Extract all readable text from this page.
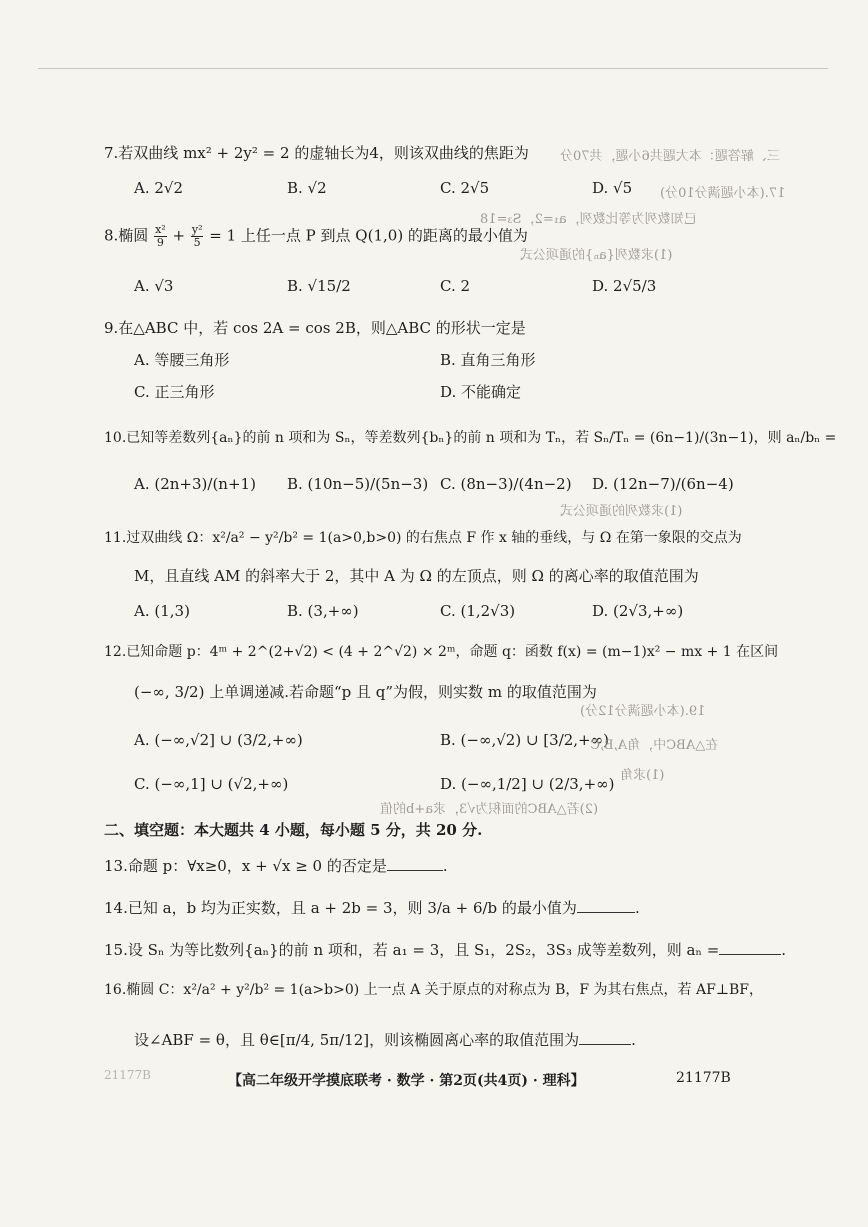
7.若双曲线 mx² + 2y² = 2 的虚轴长为4，则该双曲线的焦距为 三、解答题：本大题共6小题，共70分
A. 2√2	B. √2	C. 2√5	D. √5 17.(本小题满分10分)
8.椭圆 $\frac{\text{x²}}{9} + \frac{\text{y²}}{5} = 1$ 上任一点 P 到点 Q(1,0) 的距离的最小值为
已知数列为等比数列，a₁=2，S₃=18
(1)求数列{aₙ}的通项公式
A. √3	B. √15/2	C. 2	D. 2√5/3
9.在△ABC 中，若 cos 2A = cos 2B，则△ABC 的形状一定是
A. 等腰三角形	B. 直角三角形
C. 正三角形	D. 不能确定
10.已知等差数列{aₙ}的前 n 项和为 Sₙ，等差数列{bₙ}的前 n 项和为 Tₙ，若 Sₙ/Tₙ = (6n−1)/(3n−1)，则 aₙ/bₙ =
A. (2n+3)/(n+1) B. (10n−5)/(5n−3) C. (8n−3)/(4n−2) D. (12n−7)/(6n−4)
(1)求数列的通项公式
11.过双曲线 Ω：x²/a² − y²/b² = 1(a>0,b>0) 的右焦点 F 作 x 轴的垂线，与 Ω 在第一象限的交点为
M，且直线 AM 的斜率大于 2，其中 A 为 Ω 的左顶点，则 Ω 的离心率的取值范围为
A. (1,3)	B. (3,+∞)	C. (1,2√3)	D. (2√3,+∞)
12.已知命题 p：4ᵐ + 2^(2+√2) < (4 + 2^√2) × 2ᵐ，命题 q：函数 f(x) = (m−1)x² − mx + 1 在区间
(−∞, 3/2) 上单调递减.若命题“p 且 q”为假，则实数 m 的取值范围为
19.(本小题满分12分)
A. (−∞,√2] ∪ (3/2,+∞)	B. (−∞,√2) ∪ [3/2,+∞)
在△ABC中，角A,B,C
C. (−∞,1] ∪ (√2,+∞)	D. (−∞,1/2] ∪ (2/3,+∞) (1)求角
(2)若△ABC的面积为√3，求a+b的值
二、填空题：本大题共 4 小题，每小题 5 分，共 20 分.
13.命题 p：∀x≥0，x + √x ≥ 0 的否定是	.
14.已知 a，b 均为正实数，且 a + 2b = 3，则 3/a + 6/b 的最小值为	.
15.设 Sₙ 为等比数列{aₙ}的前 n 项和，若 a₁ = 3，且 S₁，2S₂，3S₃ 成等差数列，则 aₙ =	.
16.椭圆 C：x²/a² + y²/b² = 1(a>b>0) 上一点 A 关于原点的对称点为 B，F 为其右焦点，若 AF⊥BF，
设∠ABF = θ，且 θ∈[π/4, 5π/12]，则该椭圆离心率的取值范围为	.
21177B	【高二年级开学摸底联考 · 数学 · 第2页(共4页) · 理科】	21177B
